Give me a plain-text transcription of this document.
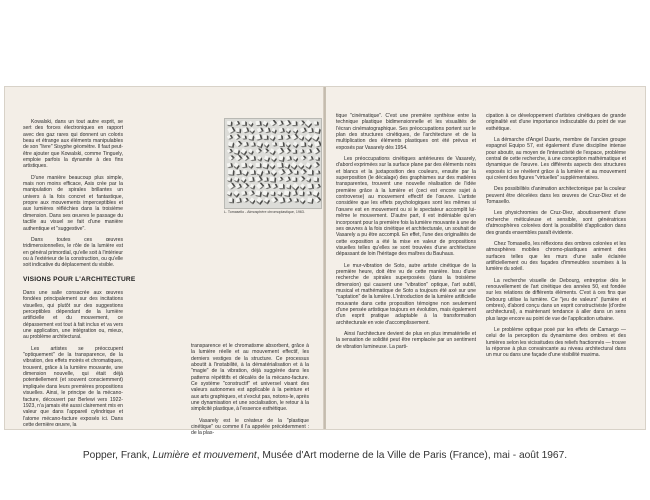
Kowalski, dans un tout autre esprit, se sert des forces électroniques en rapport avec des gaz rares qui donnent un coloris beau et étrange aux éléments manipulables de son "livre" Sisyphe géométre. Il faut peut-être ajouter que Kowalski, comme Tinguely, emploie parfois la dynamite à des fins artistiques.

D'une manière beaucoup plus simple, mais non moins efficace, Asis crée par la manipulation de spirales brillantes un univers à la fois concret et fantastique, propre aux mouvements imperceptibles et aux lumières réfléchies dans la troisième dimension. Dans ses œuvres le passage du tactile au visuel se fait d'une manière authentique et "suggestive".

Dans toutes ces œuvres tridimensionnelles, le rôle de la lumière est en général primordial, qu'elle soit à l'intérieur ou à l'extérieur de la construction, ou qu'elle soit indicative du déplacement du visible.

VISIONS POUR L'ARCHITECTURE

Dans une salle consacrée aux œuvres fondées principalement sur des incitations visuelles, qui plutôt sur des suggestions perceptibles dépendant de la lumière artificielle et du mouvement, ce dépassement est tout à fait inclus et va vers une application, une intégration ou, mieux, au problème architectural.

Les artistes se préoccupent "optiquement" de la transparence, de la vibration, des effets moirés et chromatiques, trouvent, grâce à la lumière mouvante, une dimension nouvelle, qui était déjà potentiellement (et souvent consciemment) impliquée dans leurs premières propositions visuelles. Ainsi, le principe de la mécano-facture, découvert par Berlewi vers 1922-1923, n'a jamais été aussi clairement mis en valeur que dans l'appareil cylindrique et l'atome mécano-facture exposés ici. Dans cette dernière œuvre, la

L. Tomasello - Atmosphère chromoplastique, 1963.

transparence et le chromatisme absorbent, grâce à la lumière réelle et au mouvement effectif, les derniers vestiges de la structure. Ce processus aboutit à l'instabilité, à la dématérialisation et à la "magie" de la vibration, déjà suggérée dans les patterns répétitifs et décalés de la mécano-facture. Ce système "constructif" et universel visant des valeurs autonomes est applicable à la peinture et aux arts graphiques, et s'exclut pas, notons-le, après une dynamisation et une socialisation, le retour à la simplicité plastique, à l'essence esthétique.

Vasarely est le créateur de la "plastique cinétique" ou comme il l'a appelée précédemment : de la plas-

tique "cinématique". C'est une première synthèse entre la technique plastique bidimensionnelle et les visualités de l'écran cinématographique. Ses préoccupations portent sur le plan des structures cinétiques, de l'architecture et de la multiplication des éléments plastiques ont été prévus et exposés par Vasarely dès 1954.

Les préoccupations cinétiques antérieures de Vasarely, d'abord exprimées sur la surface plane par des éléments noirs et blancs et la juxtaposition des couleurs, ensuite par la superposition (le décalage) des graphismes sur des matières transparentes, trouvent une nouvelle réalisation de l'idée première grâce à la lumière et (ceci est encore sujet à controverse) au mouvement effectif de l'œuvre. L'artiste considère que les effets psychologiques sont les mêmes si l'œuvre est en mouvement ou si le spectateur accomplit lui-même le mouvement. D'autre part, il est indéniable qu'en incorporant pour la première fois la lumière mouvante à une de ses œuvres à la fois cinétique et architecturale, un souhait de Vasarely a pu être accompli. En effet, l'une des originalités de cette exposition a été la mise en valeur de propositions visuelles telles qu'elles se sont trouvées d'une architecture dépassant de loin l'héritage des maîtres du Bauhaus.

Le mur-vibration de Soto, autre artiste cinétique de la première heure, doit être vu de cette manière. Issu d'une recherche de spirales superposées (dans la troisième dimension) qui causent une "vibration" optique, l'art subtil, musical et mathématique de Soto a toujours été axé sur une "captation" de la lumière. L'introduction de la lumière artificielle mouvante dans cette proposition témoigne non seulement d'une pensée artistique toujours en évolution, mais également d'un esprit pratique adaptable à la transformation architecturale en voie d'accomplissement.

Ainsi l'architecture devient de plus en plus immatérielle et la sensation de solidité peut être remplacée par un sentiment de vibration lumineuse. La parti-

cipation à ce développement d'artistes cinétiques de grande originalité est d'une importance indiscutable du point de vue esthétique.

La démarche d'Angel Duarte, membre de l'ancien groupe espagnol Equipo 57, est également d'une discipline intense pour aboutir, au moyen de l'interactivité de l'espace, problème central de cette recherche, à une conception mathématique et dynamique de l'œuvre. Les différents aspects des structures exposés ici se révèlent grâce à la lumière et au mouvement qui créent des figures "virtuelles" supplémentaires.

Des possibilités d'animation architectonique par la couleur peuvent être décelées dans les œuvres de Cruz-Diez et de Tomasello.

Les physichromies de Cruz-Diez, aboutissement d'une recherche méticuleuse et sensible, sont génératrices d'atmosphères colorées dont la possibilité d'application dans des grands ensembles paraît évidente.

Chez Tomasello, les réflexions des ombres colorées et les atmosphères mobiles chromo-plastiques animent des surfaces telles que les murs d'une salle éclairée artificiellement ou des façades d'immeubles soumises à la lumière du soleil.

La recherche visuelle de Debourg, entreprise dès le renouvellement de l'art cinétique des années 50, est fondée sur les relations de différents éléments. C'est à ces fins que Debourg utilise la lumière. Ce "jeu de valeurs" (lumière et ombres), d'abord conçu dans un esprit constructiviste (d'ordre architectural), a maintenant tendance à aller dans un sens plus large encore au point de vue de l'application urbaine.

Le problème optique posé par les effets de Camargo — celui de la perception du dynamisme des ombres et des lumières selon les vicissitudes des reliefs fractionnés — trouve la réponse à plus convaincante au niveau architectural dans un mur ou dans une façade d'une visibilité maxima.

Popper, Frank, Lumière et mouvement, Musée d'Art moderne de la Ville de Paris (France), mai - août 1967.
